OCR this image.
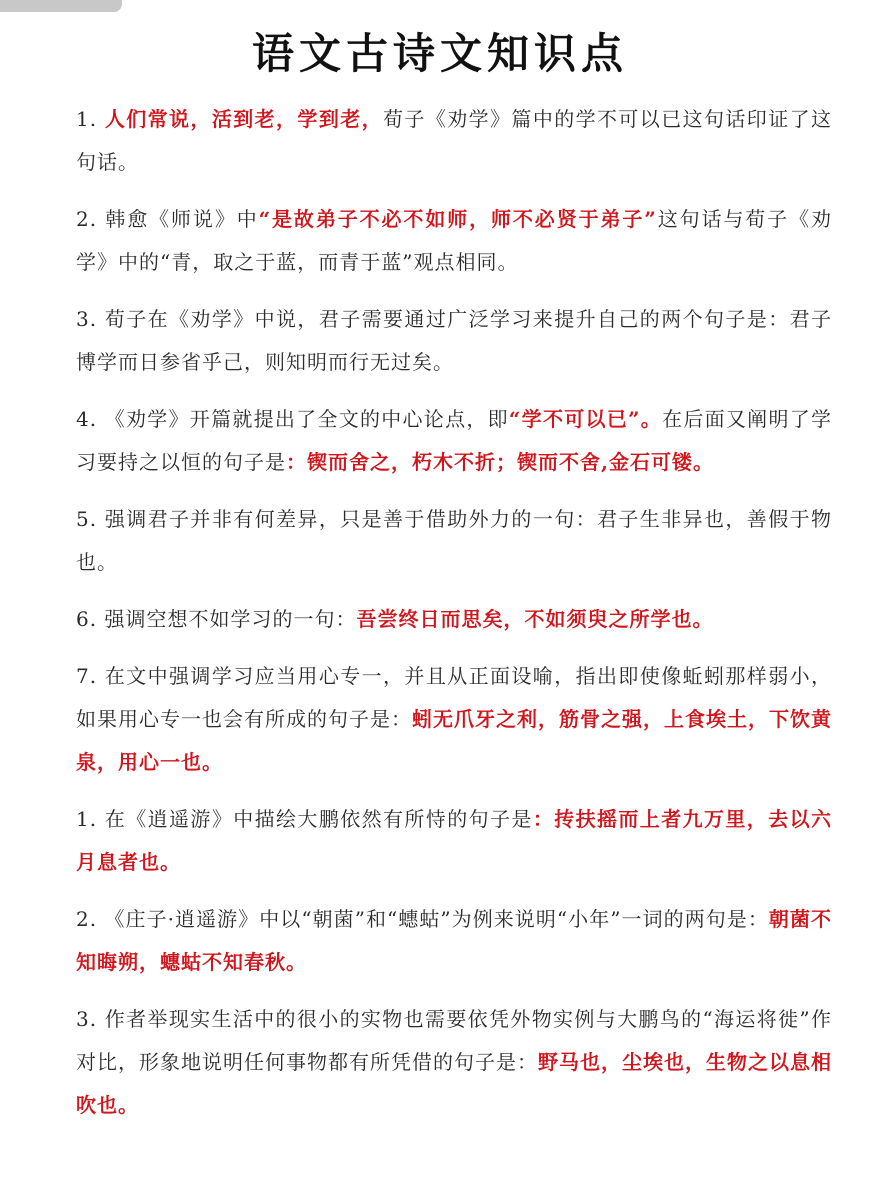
语文古诗文知识点

1. 人们常说，活到老，学到老，荀子《劝学》篇中的学不可以已这句话印证了这句话。

2. 韩愈《师说》中“是故弟子不必不如师，师不必贤于弟子”这句话与荀子《劝学》中的“青，取之于蓝，而青于蓝”观点相同。

3. 荀子在《劝学》中说，君子需要通过广泛学习来提升自己的两个句子是：君子博学而日参省乎己，则知明而行无过矣。

4. 《劝学》开篇就提出了全文的中心论点，即“学不可以已”。在后面又阐明了学习要持之以恒的句子是：锲而舍之，朽木不折；锲而不舍,金石可镂。

5. 强调君子并非有何差异，只是善于借助外力的一句：君子生非异也，善假于物也。

6. 强调空想不如学习的一句：吾尝终日而思矣，不如须臾之所学也。

7. 在文中强调学习应当用心专一，并且从正面设喻，指出即使像蚯蚓那样弱小，如果用心专一也会有所成的句子是：蚓无爪牙之利，筋骨之强，上食埃土，下饮黄泉，用心一也。

1. 在《逍遥游》中描绘大鹏依然有所恃的句子是：抟扶摇而上者九万里，去以六月息者也。

2. 《庄子·逍遥游》中以“朝菌”和“蟪蛄”为例来说明“小年”一词的两句是：朝菌不知晦朔，蟪蛄不知春秋。

3. 作者举现实生活中的很小的实物也需要依凭外物实例与大鹏鸟的“海运将徙”作对比，形象地说明任何事物都有所凭借的句子是：野马也，尘埃也，生物之以息相吹也。
